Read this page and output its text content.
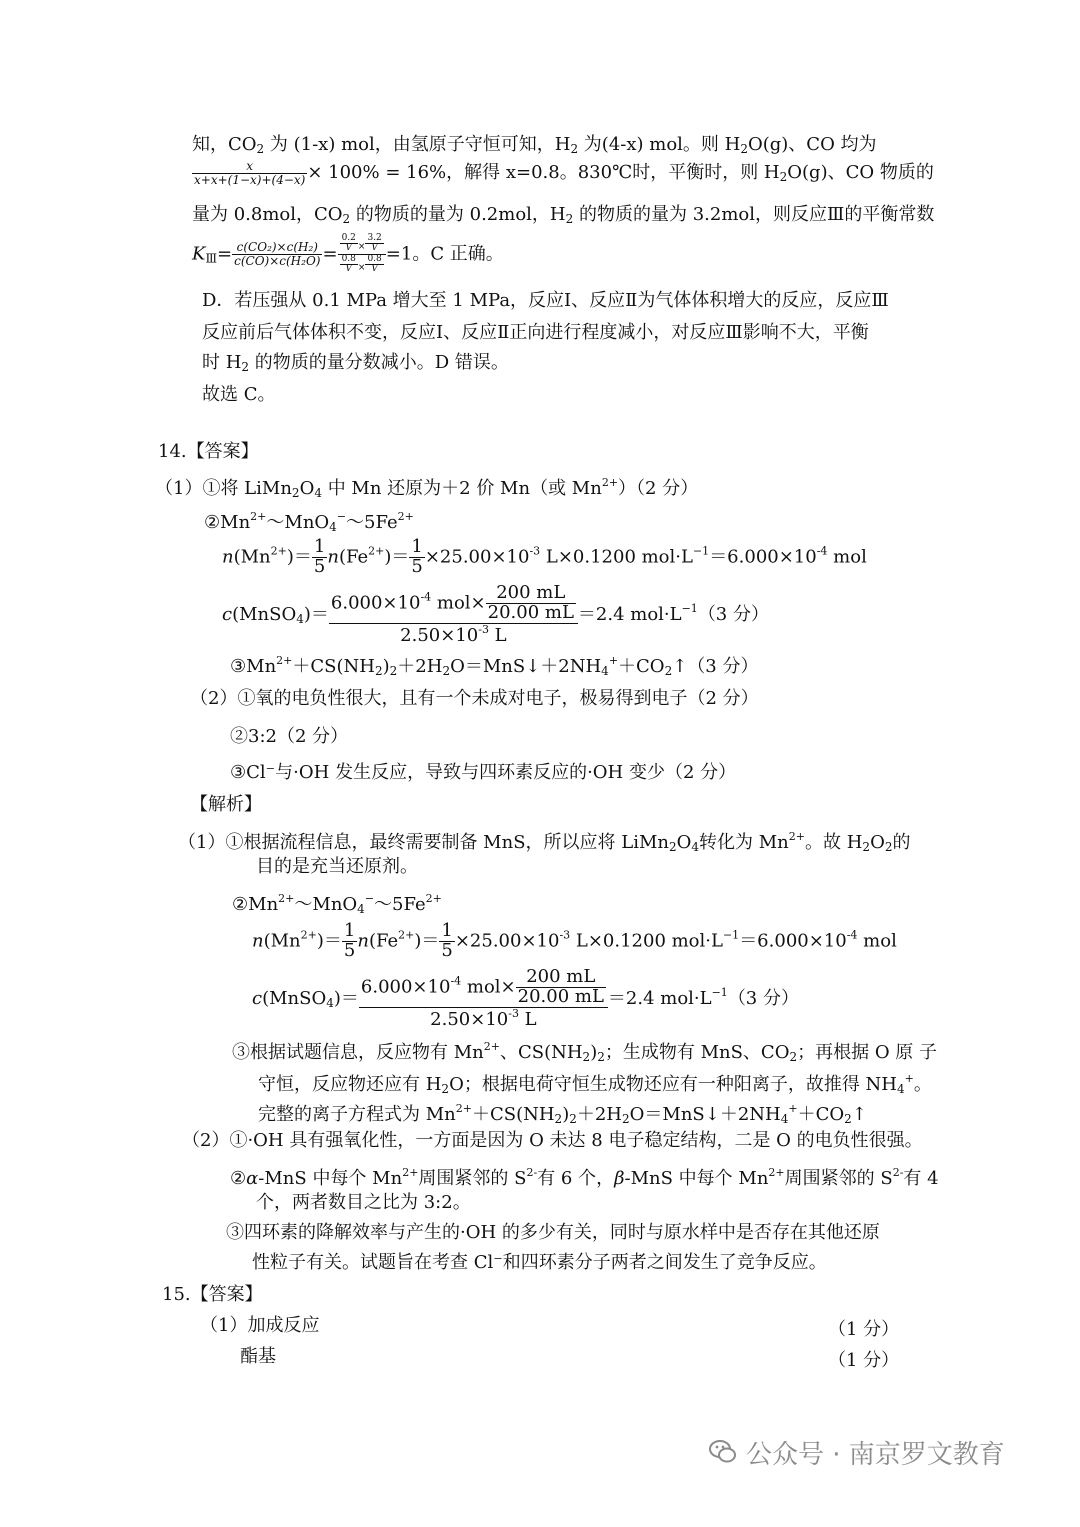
知，$CO_2$ 为 (1-x) mol，由氢原子守恒可知，$H_2$ 为(4-x) mol。则 $H_2O(g)$、CO 均为
$\frac{x}{x+x+(1-x)+(4-x)} \times 100\% = 16\%$，解得 x=0.8。830℃时，平衡时，则 $H_2O(g)$、CO 物质的
量为 0.8mol，$CO_2$ 的物质的量为 0.2mol，$H_2$ 的物质的量为 3.2mol，则反应Ⅲ的平衡常数
$K_Ⅲ= \frac{\text{c(CO₂)×c(H₂)}}{\text{c(CO)×c(H₂O)}} = \frac{\frac{0.2}{V} \times \frac{3.2}{V}}{\frac{0.8}{V} \times \frac{0.8}{V}} =1$。C 正确。
D．若压强从 0.1 MPa 增大至 1 MPa，反应Ⅰ、反应Ⅱ为气体体积增大的反应，反应Ⅲ
反应前后气体体积不变，反应Ⅰ、反应Ⅱ正向进行程度减小，对反应Ⅲ影响不大，平衡
时 $H_2$ 的物质的量分数减小。D 错误。
故选 C。
14.【答案】
（1）①将 $LiMn_2O_4$ 中 Mn 还原为＋2 价 Mn（或 $Mn^{2+})(2$ 分）
$②Mn^{2+}\sim MnO_4^-\sim 5Fe^{2+}$
$n(Mn^{2+})= \frac{1}{5} n(Fe^{2+})= \frac{1}{5} \times 25.00\times 10^{-3}$ L×0.1200 $mol\cdot L^{-1}=6.000\times 10^{-4}$ mol
c(MnSO$_4$)＝ $\frac{6.000\times 10^{-4} mol\times \frac{200 mL}{20.00 mL}}{2.50\times 10^{-3} L} =2.4$ $mol\cdot L^{-1}(3$ 分）
$③Mn^{2+}+CS(NH_2)_2+2H_2O=MnS↓+2NH_4^++CO_2↑(3$ 分）
（2）①氧的电负性很大，且有一个未成对电子，极易得到电子（2 分）
②3:2（2 分）
③Cl⁻与·OH 发生反应，导致与四环素反应的·OH 变少（2 分）
【解析】
（1）①根据流程信息，最终需要制备 MnS，所以应将 $LiMn_2O_4$转化为 $Mn^{2+}$。故 $H_2O_2$的
目的是充当还原剂。
$②Mn^{2+}\sim MnO_4^-\sim 5Fe^{2+}$
$n(Mn^{2+})= \frac{1}{5} n(Fe^{2+})= \frac{1}{5} \times 25.00\times 10^{-3}$ L×0.1200 $mol\cdot L^{-1}=6.000\times 10^{-4}$ mol
c(MnSO$_4$)＝ $\frac{6.000\times 10^{-4} mol\times \frac{200 mL}{20.00 mL}}{2.50\times 10^{-3} L} =2.4$ $mol\cdot L^{-1}(3$ 分）
③根据试题信息，反应物有 $Mn^{2+}$、$CS(NH_2)_2$；生成物有 MnS、$CO_2$；再根据 O 原 子
守恒，反应物还应有 $H_2O$；根据电荷守恒生成物还应有一种阳离子，故推得 $NH_4^+$。
完整的离子方程式为 $Mn^{2+}+CS(NH_2)_2+2H_2O=MnS↓+2NH_4^++CO_2↑$
（2）①·OH 具有强氧化性，一方面是因为 O 未达 8 电子稳定结构，二是 O 的电负性很强。
②α-MnS 中每个 $Mn^{2+}$周围紧邻的 $S^{2-}$有 6 个，β-MnS 中每个 $Mn^{2+}$周围紧邻的 $S^{2-}$有 4
个，两者数目之比为 3:2。
③四环素的降解效率与产生的·OH 的多少有关，同时与原水样中是否存在其他还原
性粒子有关。试题旨在考查 Cl⁻和四环素分子两者之间发生了竞争反应。
15.【答案】
（1）加成反应	（1 分）
酯基	（1 分）
公众号 · 南京罗文教育
